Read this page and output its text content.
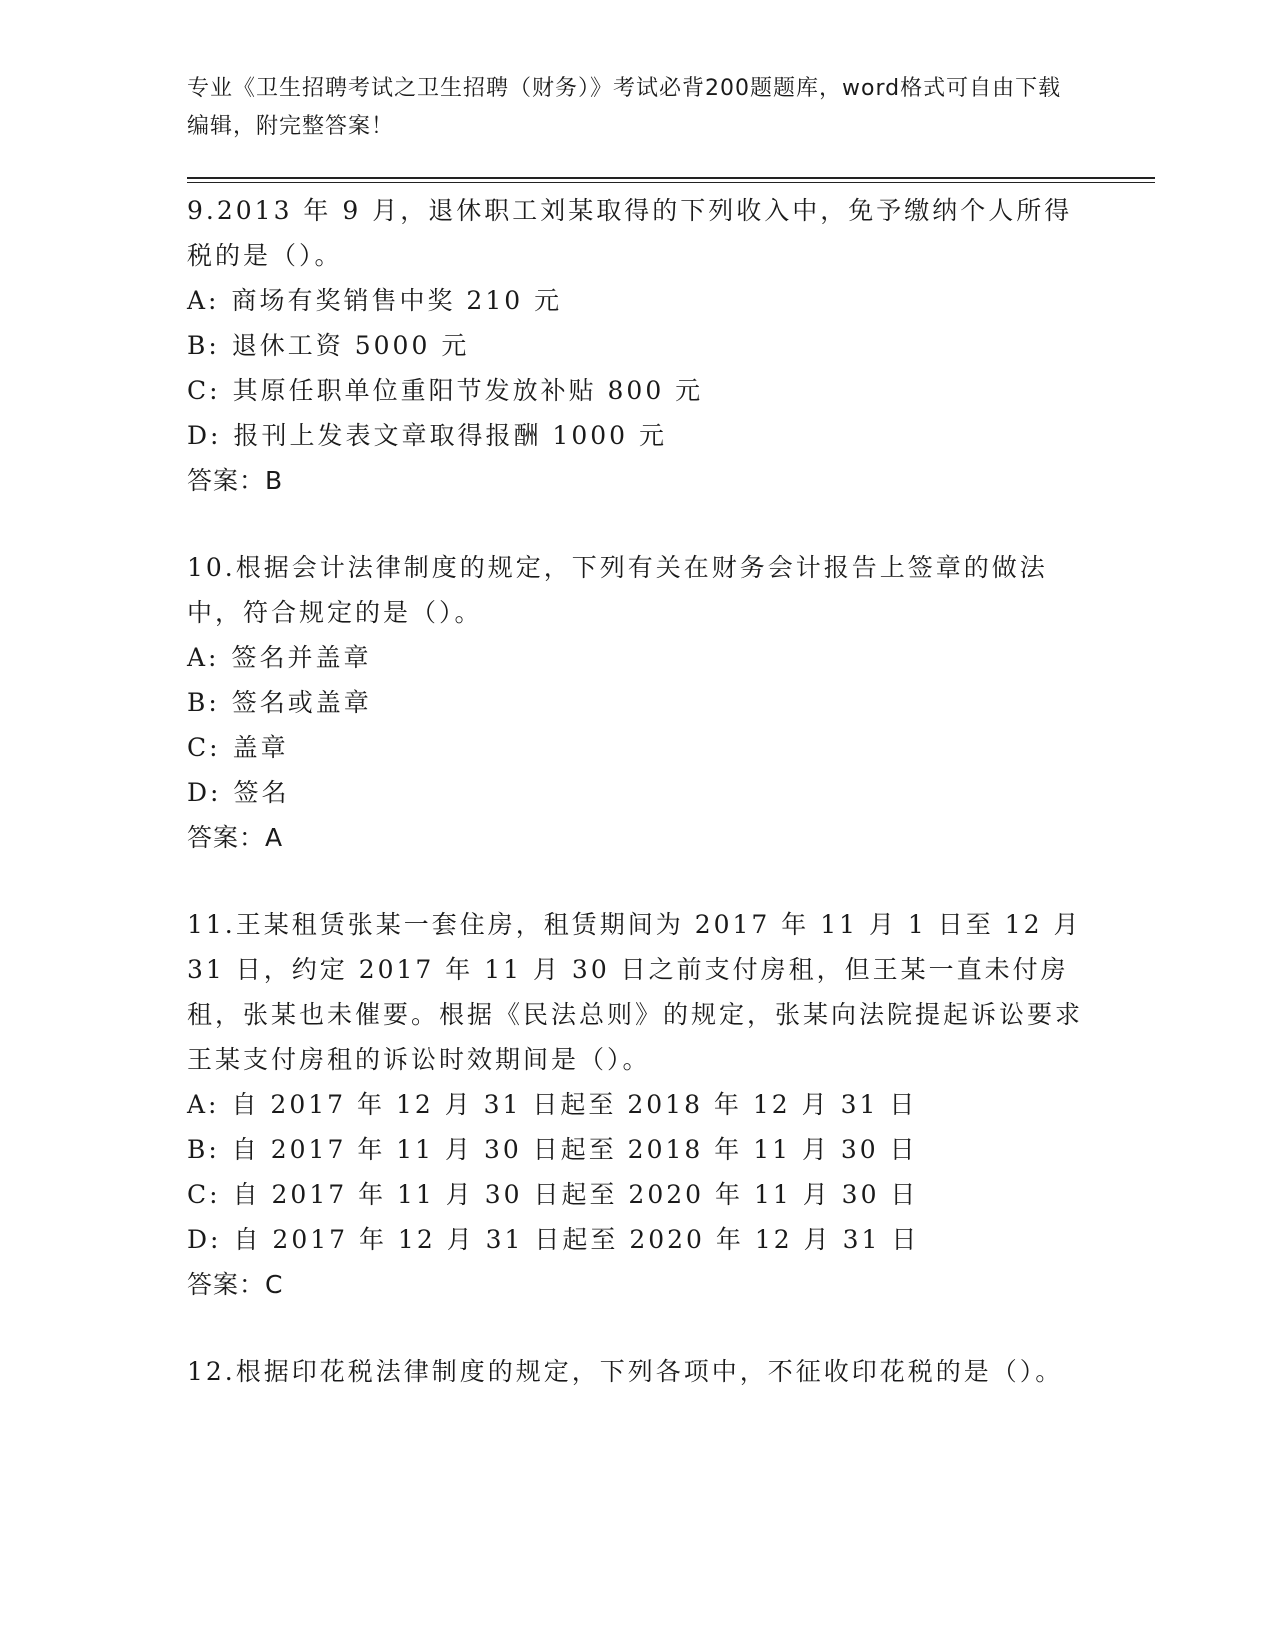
专业《卫生招聘考试之卫生招聘（财务）》考试必背200题题库，word格式可自由下载编辑，附完整答案！

9.2013 年 9 月，退休职工刘某取得的下列收入中，免予缴纳个人所得税的是（）。

A: 商场有奖销售中奖 210 元

B: 退休工资 5000 元

C: 其原任职单位重阳节发放补贴 800 元

D: 报刊上发表文章取得报酬 1000 元

答案：B

10.根据会计法律制度的规定，下列有关在财务会计报告上签章的做法中，符合规定的是（）。

A: 签名并盖章

B: 签名或盖章

C: 盖章

D: 签名

答案：A

11.王某租赁张某一套住房，租赁期间为 2017 年 11 月 1 日至 12 月 31 日，约定 2017 年 11 月 30 日之前支付房租，但王某一直未付房租，张某也未催要。根据《民法总则》的规定，张某向法院提起诉讼要求王某支付房租的诉讼时效期间是（）。

A: 自 2017 年 12 月 31 日起至 2018 年 12 月 31 日

B: 自 2017 年 11 月 30 日起至 2018 年 11 月 30 日

C: 自 2017 年 11 月 30 日起至 2020 年 11 月 30 日

D: 自 2017 年 12 月 31 日起至 2020 年 12 月 31 日

答案：C

12.根据印花税法律制度的规定，下列各项中，不征收印花税的是（）。
